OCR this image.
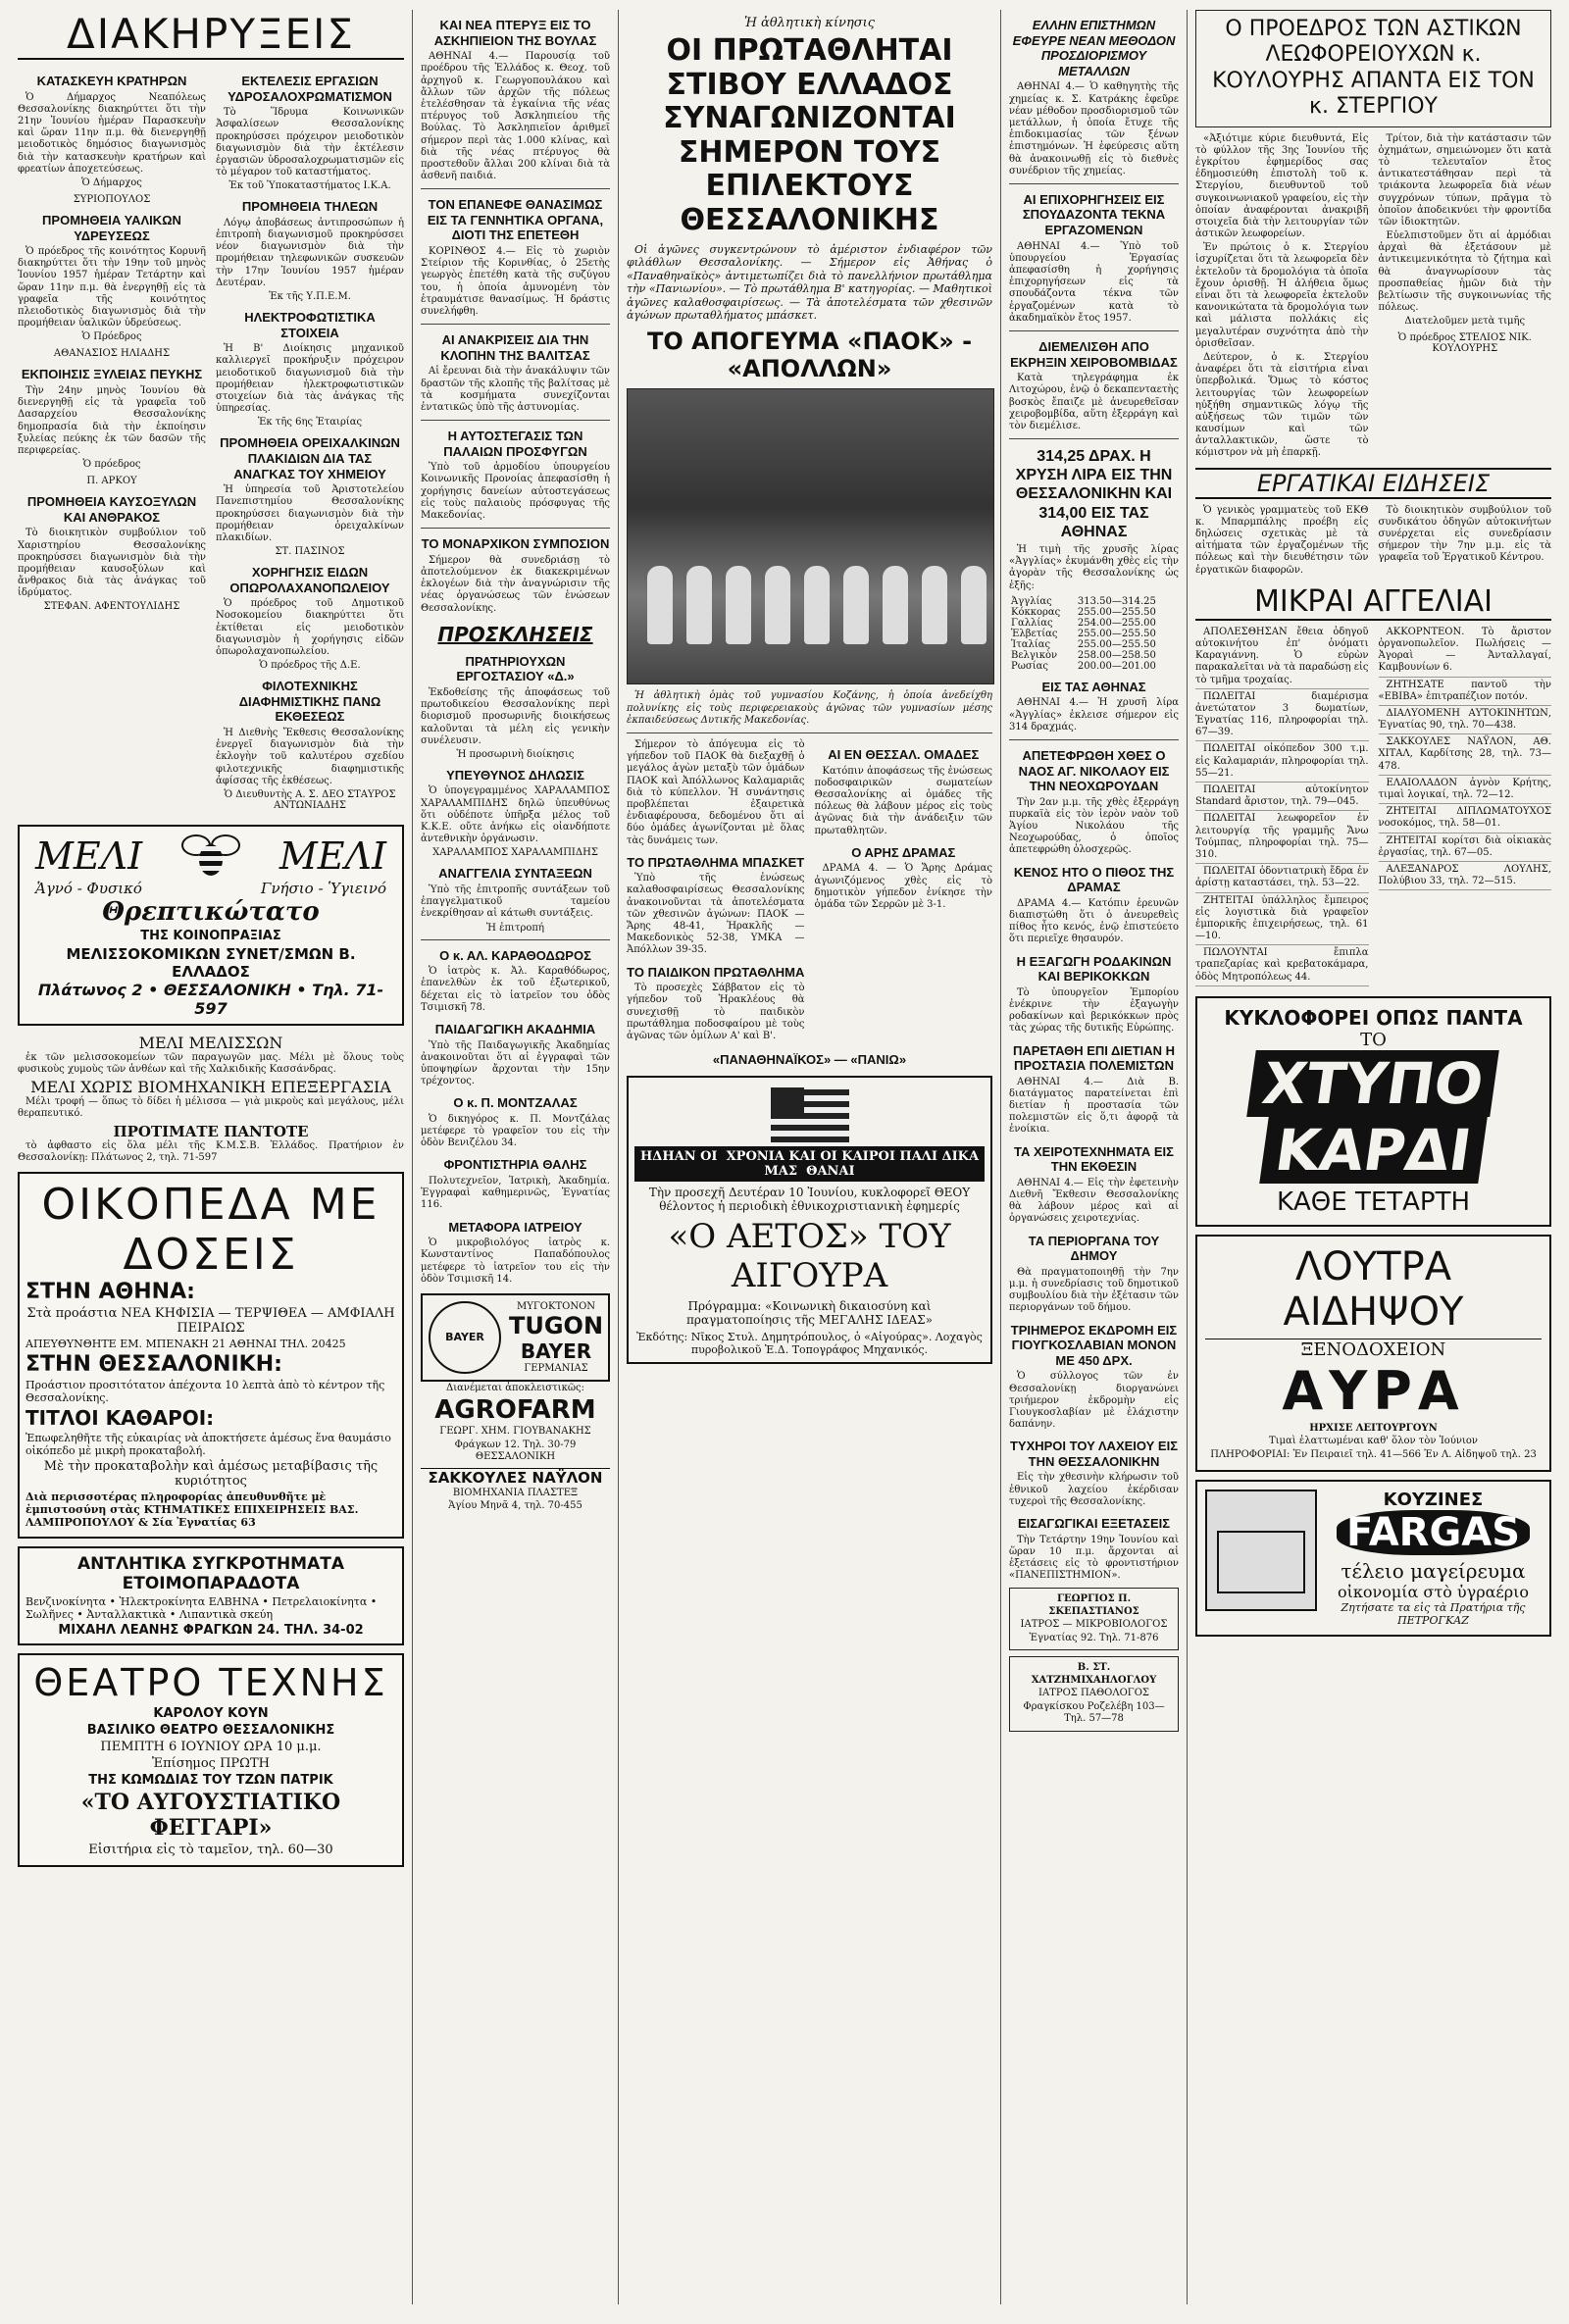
ΔΙΑΚΗΡΥΞΕΙΣ
ΚΑΤΑΣΚΕΥΗ ΚΡΑΤΗΡΩΝ

Ὁ Δήμαρχος Νεαπόλεως Θεσσαλονίκης διακηρύττει ὅτι τὴν 21ην Ἰουνίου ἡμέραν Παρασκευὴν καὶ ὥραν 11ην π.μ. θὰ διενεργηθῇ μειοδοτικὸς δημόσιος διαγωνισμὸς διὰ τὴν κατασκευὴν κρατήρων καὶ φρεατίων ἀποχετεύσεως.

Ὁ Δήμαρχος
ΣΥΡΙΟΠΟΥΛΟΣ
ΠΡΟΜΗΘΕΙΑ ΥΑΛΙΚΩΝ ΥΔΡΕΥΣΕΩΣ

Ὁ πρόεδρος τῆς κοινότητος Κορυνῆ διακηρύττει ὅτι τὴν 19ην τοῦ μηνὸς Ἰουνίου 1957 ἡμέραν Τετάρτην καὶ ὥραν 11ην π.μ. θὰ ἐνεργηθῇ εἰς τὰ γραφεῖα τῆς κοινότητος πλειοδοτικὸς διαγωνισμὸς διὰ τὴν προμήθειαν ὑαλικῶν ὑδρεύσεως.

Ὁ Πρόεδρος
ΑΘΑΝΑΣΙΟΣ ΗΛΙΑΔΗΣ
ΕΚΠΟΙΗΣΙΣ ΞΥΛΕΙΑΣ ΠΕΥΚΗΣ

Τὴν 24ην μηνὸς Ἰουνίου θὰ διενεργηθῇ εἰς τὰ γραφεῖα τοῦ Δασαρχείου Θεσσαλονίκης δημοπρασία διὰ τὴν ἐκποίησιν ξυλείας πεύκης ἐκ τῶν δασῶν τῆς περιφερείας.

Ὁ πρόεδρος
Π. ΑΡΚΟΥ
ΠΡΟΜΗΘΕΙΑ ΚΑΥΣΟΞΥΛΩΝ ΚΑΙ ΑΝΘΡΑΚΟΣ

Τὸ διοικητικὸν συμβούλιον τοῦ Χαριστηρίου Θεσσαλονίκης προκηρύσσει διαγωνισμὸν διὰ τὴν προμήθειαν καυσοξύλων καὶ ἄνθρακος διὰ τὰς ἀνάγκας τοῦ ἱδρύματος.

ΣΤΕΦΑΝ. ΑΦΕΝΤΟΥΛΙΔΗΣ
ΕΚΤΕΛΕΣΙΣ ΕΡΓΑΣΙΩΝ ΥΔΡΟΣΑΛΟΧΡΩΜΑΤΙΣΜΟΝ

Τὸ Ἵδρυμα Κοινωνικῶν Ἀσφαλίσεων Θεσσαλονίκης προκηρύσσει πρόχειρον μειοδοτικὸν διαγωνισμὸν διὰ τὴν ἐκτέλεσιν ἐργασιῶν ὑδροσαλοχρωματισμῶν εἰς τὸ μέγαρον τοῦ καταστήματος.

Ἐκ τοῦ Ὑποκαταστήματος Ι.Κ.Α.
ΠΡΟΜΗΘΕΙΑ ΤΗΛΕΩΝ

Λόγῳ ἀποβάσεως ἀντιπροσώπων ἡ ἐπιτροπὴ διαγωνισμοῦ προκηρύσσει νέον διαγωνισμὸν διὰ τὴν προμήθειαν τηλεφωνικῶν συσκευῶν τὴν 17ην Ἰουνίου 1957 ἡμέραν Δευτέραν.

Ἐκ τῆς Υ.Π.Ε.Μ.
ΗΛΕΚΤΡΟΦΩΤΙΣΤΙΚΑ ΣΤΟΙΧΕΙΑ

Ἡ Β' Διοίκησις μηχανικοῦ καλλιεργεῖ προκήρυξιν πρόχειρον μειοδοτικοῦ διαγωνισμοῦ διὰ τὴν προμήθειαν ἠλεκτροφωτιστικῶν στοιχείων διὰ τὰς ἀνάγκας τῆς ὑπηρεσίας.

Ἐκ τῆς 6ης Ἐταιρίας
ΠΡΟΜΗΘΕΙΑ ΟΡΕΙΧΑΛΚΙΝΩΝ ΠΛΑΚΙΔΙΩΝ ΔΙΑ ΤΑΣ ΑΝΑΓΚΑΣ ΤΟΥ ΧΗΜΕΙΟΥ

Ἡ ὑπηρεσία τοῦ Ἀριστοτελείου Πανεπιστημίου Θεσσαλονίκης προκηρύσσει διαγωνισμὸν διὰ τὴν προμήθειαν ὀρειχαλκίνων πλακιδίων.

ΣΤ. ΠΑΣΙΝΟΣ
ΧΟΡΗΓΗΣΙΣ ΕΙΔΩΝ ΟΠΩΡΟΛΑΧΑΝΟΠΩΛΕΙΟΥ

Ὁ πρόεδρος τοῦ Δημοτικοῦ Νοσοκομείου διακηρύττει ὅτι ἐκτίθεται εἰς μειοδοτικὸν διαγωνισμὸν ἡ χορήγησις εἰδῶν ὀπωρολαχανοπωλείου.

Ὁ πρόεδρος τῆς Δ.Ε.
ΦΙΛΟΤΕΧΝΙΚΗΣ ΔΙΑΦΗΜΙΣΤΙΚΗΣ ΠΑΝΩ ΕΚΘΕΣΕΩΣ

Ἡ Διεθνὴς Ἔκθεσις Θεσσαλονίκης ἐνεργεῖ διαγωνισμὸν διὰ τὴν ἐκλογὴν τοῦ καλυτέρου σχεδίου φιλοτεχνικῆς διαφημιστικῆς ἀφίσσας τῆς ἐκθέσεως.

Ὁ Διευθυντὴς Α. Σ. ΔΕΟ ΣΤΑΥΡΟΣ ΑΝΤΩΝΙΑΔΗΣ
ΜΕΛΙ	ΜΕΛΙ
Ἁγνό - Φυσικό	Γνήσιο - Ὑγιεινό
Θρεπτικώτατο
ΤΗΣ ΚΟΙΝΟΠΡΑΞΙΑΣ
ΜΕΛΙΣΣΟΚΟΜΙΚΩΝ ΣΥΝΕΤ/ΣΜΩΝ Β. ΕΛΛΑΔΟΣ
Πλάτωνος 2 • ΘΕΣΣΑΛΟΝΙΚΗ • Τηλ. 71-597
ΜΕΛΙ ΜΕΛΙΣΣΩΝ

ἐκ τῶν μελισσοκομείων τῶν παραγωγῶν μας. Μέλι μὲ ὅλους τοὺς φυσικοὺς χυμοὺς τῶν ἀνθέων καὶ τῆς Χαλκιδικῆς Κασσάνδρας.

ΜΕΛΙ ΧΩΡΙΣ ΒΙΟΜΗΧΑΝΙΚΗ ΕΠΕΞΕΡΓΑΣΙΑ

Μέλι τροφή — ὅπως τὸ δίδει ἡ μέλισσα — γιὰ μικροὺς καὶ μεγάλους, μέλι θεραπευτικό.

ΠΡΟΤΙΜΑΤΕ ΠΑΝΤΟΤΕ

τὸ ἀφθαστο εἰς ὅλα μέλι τῆς Κ.Μ.Σ.Β. Ἑλλάδος. Πρατήριον ἐν Θεσσαλονίκῃ: Πλάτωνος 2, τηλ. 71-597

ΟΙΚΟΠΕΔΑ ΜΕ ΔΟΣΕΙΣ
ΣΤΗΝ ΑΘΗΝΑ:
Στὰ προάστια ΝΕΑ ΚΗΦΙΣΙΑ — ΤΕΡΨΙΘΕΑ — ΑΜΦΙΑΛΗ ΠΕΙΡΑΙΩΣ
ΑΠΕΥΘΥΝΘΗΤΕ ΕΜ. ΜΠΕΝΑΚΗ 21 ΑΘΗΝΑΙ ΤΗΛ. 20425
ΣΤΗΝ ΘΕΣΣΑΛΟΝΙΚΗ:
Προάστιον προσιτότατον ἀπέχοντα 10 λεπτὰ ἀπὸ τὸ κέντρον τῆς Θεσσαλονίκης.
ΤΙΤΛΟΙ ΚΑΘΑΡΟΙ:
Ἐπωφεληθῆτε τῆς εὐκαιρίας νὰ ἀποκτήσετε ἀμέσως ἕνα θαυμάσιο οἰκόπεδο μὲ μικρὴ προκαταβολή.
Μὲ τὴν προκαταβολὴν καὶ ἀμέσως μεταβίβασις τῆς κυριότητος
Διὰ περισσοτέρας πληροφορίας ἀπευθυνθῆτε μὲ ἐμπιστοσύνη στὰς ΚΤΗΜΑΤΙΚΕΣ ΕΠΙΧΕΙΡΗΣΕΙΣ ΒΑΣ. ΛΑΜΠΡΟΠΟΥΛΟΥ & Σία Ἐγνατίας 63
ΑΝΤΛΗΤΙΚΑ ΣΥΓΚΡΟΤΗΜΑΤΑ ΕΤΟΙΜΟΠΑΡΑΔΟΤΑ
Βενζινοκίνητα • Ἠλεκτροκίνητα ΕΛΒΗΝΑ • Πετρελαιοκίνητα • Σωλῆνες • Ἀνταλλακτικὰ • Λιπαντικὰ σκεύη
ΜΙΧΑΗΛ ΛΕΑΝΗΣ ΦΡΑΓΚΩΝ 24. ΤΗΛ. 34-02
ΘΕΑΤΡΟ ΤΕΧΝΗΣ
ΚΑΡΟΛΟΥ ΚΟΥΝ
ΒΑΣΙΛΙΚΟ ΘΕΑΤΡΟ ΘΕΣΣΑΛΟΝΙΚΗΣ
ΠΕΜΠΤΗ 6 ΙΟΥΝΙΟΥ ΩΡΑ 10 μ.μ.
Ἐπίσημος ΠΡΩΤΗ
ΤΗΣ ΚΩΜΩΔΙΑΣ ΤΟΥ ΤΖΩΝ ΠΑΤΡΙΚ
«ΤΟ ΑΥΓΟΥΣΤΙΑΤΙΚΟ ΦΕΓΓΑΡΙ»
Εἰσιτήρια εἰς τὸ ταμεῖον, τηλ. 60—30
ΚΑΙ ΝΕΑ ΠΤΕΡΥΞ ΕΙΣ ΤΟ ΑΣΚΗΠΙΕΙΟΝ ΤΗΣ ΒΟΥΛΑΣ

ΑΘΗΝΑΙ 4.— Παρουσίᾳ τοῦ προέδρου τῆς Ἑλλάδος κ. Θεοχ. τοῦ ἀρχηγοῦ κ. Γεωργοπουλάκου καὶ ἄλλων τῶν ἀρχῶν τῆς πόλεως ἐτελέσθησαν τὰ ἐγκαίνια τῆς νέας πτέρυγος τοῦ Ἀσκληπιείου τῆς Βούλας. Τὸ Ἀσκληπιεῖον ἀριθμεῖ σήμερον περὶ τὰς 1.000 κλίνας, καὶ διὰ τῆς νέας πτέρυγος θὰ προστεθοῦν ἄλλαι 200 κλίναι διὰ τὰ ἀσθενῆ παιδιά.

ΤΟΝ ΕΠΑΝΕΦΕ ΘΑΝΑΣΙΜΩΣ ΕΙΣ ΤΑ ΓΕΝΝΗΤΙΚΑ ΟΡΓΑΝΑ, ΔΙΟΤΙ ΤΗΣ ΕΠΕΤΕΘΗ

ΚΟΡΙΝΘΟΣ 4.— Εἰς τὸ χωριὸν Στείριον τῆς Κορινθίας, ὁ 25ετὴς γεωργὸς ἐπετέθη κατὰ τῆς συζύγου του, ἡ ὁποία ἀμυνομένη τὸν ἐτραυμάτισε θανασίμως. Ἡ δράστις συνελήφθη.

ΑΙ ΑΝΑΚΡΙΣΕΙΣ ΔΙΑ ΤΗΝ ΚΛΟΠΗΝ ΤΗΣ ΒΑΛΙΤΣΑΣ

Αἱ ἔρευναι διὰ τὴν ἀνακάλυψιν τῶν δραστῶν τῆς κλοπῆς τῆς βαλίτσας μὲ τὰ κοσμήματα συνεχίζονται ἐντατικῶς ὑπὸ τῆς ἀστυνομίας.

Η ΑΥΤΟΣΤΕΓΑΣΙΣ ΤΩΝ ΠΑΛΑΙΩΝ ΠΡΟΣΦΥΓΩΝ

Ὑπὸ τοῦ ἁρμοδίου ὑπουργείου Κοινωνικῆς Προνοίας ἀπεφασίσθη ἡ χορήγησις δανείων αὐτοστεγάσεως εἰς τοὺς παλαιοὺς πρόσφυγας τῆς Μακεδονίας.

ΤΟ ΜΟΝΑΡΧΙΚΟΝ ΣΥΜΠΟΣΙΟΝ

Σήμερον θὰ συνεδριάσῃ τὸ ἀποτελούμενον ἐκ διακεκριμένων ἐκλογέων διὰ τὴν ἀναγνώρισιν τῆς νέας ὀργανώσεως τῶν ἑνώσεων Θεσσαλονίκης.

ΠΡΟΣΚΛΗΣΕΙΣ
ΠΡΑΤΗΡΙΟΥΧΩΝ ΕΡΓΟΣΤΑΣΙΟΥ «Δ.»

Ἐκδοθείσης τῆς ἀποφάσεως τοῦ πρωτοδικείου Θεσσαλονίκης περὶ διορισμοῦ προσωρινῆς διοικήσεως καλοῦνται τὰ μέλη εἰς γενικὴν συνέλευσιν.

Ἡ προσωρινὴ διοίκησις
ΥΠΕΥΘΥΝΟΣ ΔΗΛΩΣΙΣ

Ὁ ὑπογεγραμμένος ΧΑΡΑΛΑΜΠΟΣ ΧΑΡΑΛΑΜΠΙΔΗΣ δηλῶ ὑπευθύνως ὅτι οὐδέποτε ὑπῆρξα μέλος τοῦ Κ.Κ.Ε. οὔτε ἀνήκω εἰς οἱανδήποτε ἀντεθνικὴν ὀργάνωσιν.

ΧΑΡΑΛΑΜΠΟΣ ΧΑΡΑΛΑΜΠΙΔΗΣ
ΑΝΑΓΓΕΛΙΑ ΣΥΝΤΑΞΕΩΝ

Ὑπὸ τῆς ἐπιτροπῆς συντάξεων τοῦ ἐπαγγελματικοῦ ταμείου ἐνεκρίθησαν αἱ κάτωθι συντάξεις.

Ἡ ἐπιτροπή
Ο κ. ΑΛ. ΚΑΡΑΘΟΔΩΡΟΣ

Ὁ ἰατρὸς κ. Ἀλ. Καραθόδωρος, ἐπανελθὼν ἐκ τοῦ ἐξωτερικοῦ, δέχεται εἰς τὸ ἰατρεῖον του ὁδὸς Τσιμισκῆ 78.

ΠΑΙΔΑΓΩΓΙΚΗ ΑΚΑΔΗΜΙΑ

Ὑπὸ τῆς Παιδαγωγικῆς Ἀκαδημίας ἀνακοινοῦται ὅτι αἱ ἐγγραφαὶ τῶν ὑποψηφίων ἄρχονται τὴν 15ην τρέχοντος.

Ο κ. Π. ΜΟΝΤΖΑΛΑΣ

Ὁ δικηγόρος κ. Π. Μοντζάλας μετέφερε τὸ γραφεῖον του εἰς τὴν ὁδὸν Βενιζέλου 34.

ΦΡΟΝΤΙΣΤΗΡΙΑ ΘΑΛΗΣ

Πολυτεχνεῖον, Ἰατρικὴ, Ἀκαδημία. Ἐγγραφαὶ καθημερινῶς, Ἐγνατίας 116.

ΜΕΤΑΦΟΡΑ ΙΑΤΡΕΙΟΥ

Ὁ μικροβιολόγος ἰατρὸς κ. Κωνσταντίνος Παπαδόπουλος μετέφερε τὸ ἰατρεῖον του εἰς τὴν ὁδὸν Τσιμισκῆ 14.

BAYER
ΜΥΓΟΚΤΟΝΟΝ
TUGON
BAYER
ΓΕΡΜΑΝΙΑΣ
Διανέμεται ἀποκλειστικῶς:
AGROFARM
ΓΕΩΡΓ. ΧΗΜ. ΓΙΟΥΒΑΝΑΚΗΣ
Φράγκων 12. Τηλ. 30-79 ΘΕΣΣΑΛΟΝΙΚΗ
ΣΑΚΚΟΥΛΕΣ ΝΑΫΛΟΝ
ΒΙΟΜΗΧΑΝΙΑ ΠΛΑΣΤΕΞ
Ἁγίου Μηνᾶ 4, τηλ. 70-455
Ἡ ἀθλητικὴ κίνησις
ΟΙ ΠΡΩΤΑΘΛΗΤΑΙ ΣΤΙΒΟΥ ΕΛΛΑΔΟΣ ΣΥΝΑΓΩΝΙΖΟΝΤΑΙ ΣΗΜΕΡΟΝ ΤΟΥΣ ΕΠΙΛΕΚΤΟΥΣ ΘΕΣΣΑΛΟΝΙΚΗΣ

Οἱ ἀγῶνες συγκεντρώνουν τὸ ἀμέριστον ἐνδιαφέρον τῶν φιλάθλων Θεσσαλονίκης. — Σήμερον εἰς Ἀθήνας ὁ «Παναθηναϊκὸς» ἀντιμετωπίζει διὰ τὸ πανελλήνιον πρωτάθλημα τὴν «Πανιωνίου». — Τὸ πρωτάθλημα Β' κατηγορίας. — Μαθητικοὶ ἀγῶνες καλαθοσφαιρίσεως. — Τὰ ἀποτελέσματα τῶν χθεσινῶν ἀγώνων πρωταθλήματος μπάσκετ.

ΤΟ ΑΠΟΓΕΥΜΑ «ΠΑΟΚ» - «ΑΠΟΛΛΩΝ»

Ἡ ἀθλητικὴ ὁμὰς τοῦ γυμνασίου Κοζάνης, ἡ ὁποία ἀνεδείχθη πολυνίκης εἰς τοὺς περιφερειακοὺς ἀγῶνας τῶν γυμνασίων μέσης ἐκπαιδεύσεως Δυτικῆς Μακεδονίας.

Σήμερον τὸ ἀπόγευμα εἰς τὸ γήπεδον τοῦ ΠΑΟΚ θὰ διεξαχθῇ ὁ μεγάλος ἀγὼν μεταξὺ τῶν ὁμάδων ΠΑΟΚ καὶ Ἀπόλλωνος Καλαμαριᾶς διὰ τὸ κύπελλον. Ἡ συνάντησις προβλέπεται ἐξαιρετικὰ ἐνδιαφέρουσα, δεδομένου ὅτι αἱ δύο ὁμάδες ἀγωνίζονται μὲ ὅλας τὰς δυνάμεις των.

ΤΟ ΠΡΩΤΑΘΛΗΜΑ ΜΠΑΣΚΕΤ

Ὑπὸ τῆς ἐνώσεως καλαθοσφαιρίσεως Θεσσαλονίκης ἀνακοινοῦνται τὰ ἀποτελέσματα τῶν χθεσινῶν ἀγώνων: ΠΑΟΚ — Ἄρης 48-41, Ἡρακλῆς — Μακεδονικὸς 52-38, ΥΜΚΑ — Ἀπόλλων 39-35.

ΤΟ ΠΑΙΔΙΚΟΝ ΠΡΩΤΑΘΛΗΜΑ

Τὸ προσεχὲς Σάββατον εἰς τὸ γήπεδον τοῦ Ἡρακλέους θὰ συνεχισθῇ τὸ παιδικὸν πρωτάθλημα ποδοσφαίρου μὲ τοὺς ἀγῶνας τῶν ὁμίλων Α' καὶ Β'.

ΑΙ ΕΝ ΘΕΣΣΑΛ. ΟΜΑΔΕΣ

Κατόπιν ἀποφάσεως τῆς ἐνώσεως ποδοσφαιρικῶν σωματείων Θεσσαλονίκης αἱ ὁμάδες τῆς πόλεως θὰ λάβουν μέρος εἰς τοὺς ἀγῶνας διὰ τὴν ἀνάδειξιν τῶν πρωταθλητῶν.

Ο ΑΡΗΣ ΔΡΑΜΑΣ

ΔΡΑΜΑ 4. — Ὁ Ἄρης Δράμας ἀγωνιζόμενος χθὲς εἰς τὸ δημοτικὸν γήπεδον ἐνίκησε τὴν ὁμάδα τῶν Σερρῶν μὲ 3-1.

«ΠΑΝΑΘΗΝΑΪΚΟΣ» — «ΠΑΝΙΩ»
ΗΔΗΑΝ ΟΙ ΧΡΟΝΙΑ ΚΑΙ ΟΙ ΚΑΙΡΟΙ ΠΑΛΙ ΔΙΚΑ ΜΑΣ ΘΑΝΑΙ
Τὴν προσεχῆ Δευτέραν 10 Ἰουνίου, κυκλοφορεῖ ΘΕΟΥ θέλοντος ἡ περιοδικὴ ἐθνικοχριστιανικὴ ἐφημερίς
«Ο ΑΕΤΟΣ» ΤΟΥ ΑΙΓΟΥΡΑ
Πρόγραμμα: «Κοινωνικὴ δικαιοσύνη καὶ πραγματοποίησις τῆς ΜΕΓΑΛΗΣ ΙΔΕΑΣ»
Ἐκδότης: Νῖκος Στυλ. Δημητρόπουλος, ὁ «Αἰγούρας». Λοχαγὸς πυροβολικοῦ Ἐ.Δ. Τοπογράφος Μηχανικός.
ΕΛΛΗΝ ΕΠΙΣΤΗΜΩΝ ΕΦΕΥΡΕ ΝΕΑΝ ΜΕΘΟΔΟΝ ΠΡΟΣΔΙΟΡΙΣΜΟΥ ΜΕΤΑΛΛΩΝ

ΑΘΗΝΑΙ 4.— Ὁ καθηγητὴς τῆς χημείας κ. Σ. Κατράκης ἐφεῦρε νέαν μέθοδον προσδιορισμοῦ τῶν μετάλλων, ἡ ὁποία ἔτυχε τῆς ἐπιδοκιμασίας τῶν ξένων ἐπιστημόνων. Ἡ ἐφεύρεσις αὕτη θὰ ἀνακοινωθῇ εἰς τὸ διεθνὲς συνέδριον τῆς χημείας.

ΑΙ ΕΠΙΧΟΡΗΓΗΣΕΙΣ ΕΙΣ ΣΠΟΥΔΑΖΟΝΤΑ ΤΕΚΝΑ ΕΡΓΑΖΟΜΕΝΩΝ

ΑΘΗΝΑΙ 4.— Ὑπὸ τοῦ ὑπουργείου Ἐργασίας ἀπεφασίσθη ἡ χορήγησις ἐπιχορηγήσεων εἰς τὰ σπουδάζοντα τέκνα τῶν ἐργαζομένων κατὰ τὸ ἀκαδημαϊκὸν ἔτος 1957.

ΔΙΕΜΕΛΙΣΘΗ ΑΠΟ ΕΚΡΗΞΙΝ ΧΕΙΡΟΒΟΜΒΙΔΑΣ

Κατὰ τηλεγράφημα ἐκ Λιτοχώρου, ἐνῷ ὁ δεκαπενταετὴς βοσκὸς ἔπαιζε μὲ ἀνευρεθεῖσαν χειροβομβίδα, αὕτη ἐξερράγη καὶ τὸν διεμέλισε.

314,25 ΔΡΑΧ. Η ΧΡΥΣΗ ΛΙΡΑ ΕΙΣ ΤΗΝ ΘΕΣΣΑΛΟΝΙΚΗΝ ΚΑΙ 314,00 ΕΙΣ ΤΑΣ ΑΘΗΝΑΣ

Ἡ τιμὴ τῆς χρυσῆς λίρας «Ἀγγλίας» ἐκυμάνθη χθὲς εἰς τὴν ἀγορὰν τῆς Θεσσαλονίκης ὡς ἑξῆς:

Ἀγγλίας	313.50—314.25
Κόκκορας	255.00—255.50
Γαλλίας	254.00—255.00
Ἑλβετίας	255.00—255.50
Ἰταλίας	255.00—255.50
Βελγικὸν	258.00—258.50
Ρωσίας	200.00—201.00
ΕΙΣ ΤΑΣ ΑΘΗΝΑΣ

ΑΘΗΝΑΙ 4.— Ἡ χρυσῆ λίρα «Ἀγγλίας» ἐκλεισε σήμερον εἰς 314 δραχμάς.

ΑΠΕΤΕΦΡΩΘΗ ΧΘΕΣ Ο ΝΑΟΣ ΑΓ. ΝΙΚΟΛΑΟΥ ΕΙΣ ΤΗΝ ΝΕΟΧΩΡΟΥΔΑΝ

Τὴν 2αν μ.μ. τῆς χθὲς ἐξερράγη πυρκαϊὰ εἰς τὸν ἱερὸν ναὸν τοῦ Ἁγίου Νικολάου τῆς Νεοχωρούδας, ὁ ὁποῖος ἀπετεφρώθη ὁλοσχερῶς.

ΚΕΝΟΣ ΗΤΟ Ο ΠΙΘΟΣ ΤΗΣ ΔΡΑΜΑΣ

ΔΡΑΜΑ 4.— Κατόπιν ἐρευνῶν διαπιστώθη ὅτι ὁ ἀνευρεθεὶς πίθος ἦτο κενός, ἐνῷ ἐπιστεύετο ὅτι περιεῖχε θησαυρόν.

Η ΕΞΑΓΩΓΗ ΡΟΔΑΚΙΝΩΝ ΚΑΙ ΒΕΡΙΚΟΚΚΩΝ

Τὸ ὑπουργεῖον Ἐμπορίου ἐνέκρινε τὴν ἐξαγωγὴν ροδακίνων καὶ βερικόκκων πρὸς τὰς χώρας τῆς δυτικῆς Εὐρώπης.

ΠΑΡΕΤΑΘΗ ΕΠΙ ΔΙΕΤΙΑΝ Η ΠΡΟΣΤΑΣΙΑ ΠΟΛΕΜΙΣΤΩΝ

ΑΘΗΝΑΙ 4.— Διὰ Β. διατάγματος παρατείνεται ἐπὶ διετίαν ἡ προστασία τῶν πολεμιστῶν εἰς ὅ,τι ἀφορᾷ τὰ ἐνοίκια.

ΤΑ ΧΕΙΡΟΤΕΧΝΗΜΑΤΑ ΕΙΣ ΤΗΝ ΕΚΘΕΣΙΝ

ΑΘΗΝΑΙ 4.— Εἰς τὴν ἐφετεινὴν Διεθνῆ Ἔκθεσιν Θεσσαλονίκης θὰ λάβουν μέρος καὶ αἱ ὀργανώσεις χειροτεχνίας.

ΤΑ ΠΕΡΙΟΡΓΑΝΑ ΤΟΥ ΔΗΜΟΥ

Θὰ πραγματοποιηθῇ τὴν 7ην μ.μ. ἡ συνεδρίασις τοῦ δημοτικοῦ συμβουλίου διὰ τὴν ἐξέτασιν τῶν περιοργάνων τοῦ δήμου.

ΤΡΙΗΜΕΡΟΣ ΕΚΔΡΟΜΗ ΕΙΣ ΓΙΟΥΓΚΟΣΛΑΒΙΑΝ ΜΟΝΟΝ ΜΕ 450 ΔΡΧ.

Ὁ σύλλογος τῶν ἐν Θεσσαλονίκῃ διοργανώνει τριήμερον ἐκδρομὴν εἰς Γιουγκοσλαβίαν μὲ ἐλάχιστην δαπάνην.

ΤΥΧΗΡΟΙ ΤΟΥ ΛΑΧΕΙΟΥ ΕΙΣ ΤΗΝ ΘΕΣΣΑΛΟΝΙΚΗΝ

Εἰς τὴν χθεσινὴν κλήρωσιν τοῦ ἐθνικοῦ λαχείου ἐκέρδισαν τυχεροὶ τῆς Θεσσαλονίκης.

ΕΙΣΑΓΩΓΙΚΑΙ ΕΞΕΤΑΣΕΙΣ

Τὴν Τετάρτην 19ην Ἰουνίου καὶ ὥραν 10 π.μ. ἄρχονται αἱ ἐξετάσεις εἰς τὸ φροντιστήριον «ΠΑΝΕΠΙΣΤΗΜΙΟΝ».

ΓΕΩΡΓΙΟΣ Π. ΣΚΕΠΑΣΤΙΑΝΟΣ
ΙΑΤΡΟΣ — ΜΙΚΡΟΒΙΟΛΟΓΟΣ
Ἐγνατίας 92. Τηλ. 71-876
Β. ΣΤ. ΧΑΤΖΗΜΙΧΑΗΛΟΓΛΟΥ
ΙΑΤΡΟΣ ΠΑΘΟΛΟΓΟΣ
Φραγκίσκου Ροζελέβη 103—Τηλ. 57—78
Ο ΠΡΟΕΔΡΟΣ ΤΩΝ ΑΣΤΙΚΩΝ ΛΕΩΦΟΡΕΙΟΥΧΩΝ κ. ΚΟΥΛΟΥΡΗΣ ΑΠΑΝΤΑ ΕΙΣ ΤΟΝ κ. ΣΤΕΡΓΙΟΥ

«Ἀξιότιμε κύριε διευθυντά, Εἰς τὸ φύλλον τῆς 3ης Ἰουνίου τῆς ἐγκρίτου ἐφημερίδος σας ἐδημοσιεύθη ἐπιστολὴ τοῦ κ. Στεργίου, διευθυντοῦ τοῦ συγκοινωνιακοῦ γραφείου, εἰς τὴν ὁποίαν ἀναφέρονται ἀνακριβῆ στοιχεῖα διὰ τὴν λειτουργίαν τῶν ἀστικῶν λεωφορείων.

Ἐν πρώτοις ὁ κ. Στεργίου ἰσχυρίζεται ὅτι τὰ λεωφορεῖα δὲν ἐκτελοῦν τὰ δρομολόγια τὰ ὁποῖα ἔχουν ὁρισθῇ. Ἡ ἀλήθεια ὅμως εἶναι ὅτι τὰ λεωφορεῖα ἐκτελοῦν κανονικώτατα τὰ δρομολόγια των καὶ μάλιστα πολλάκις εἰς μεγαλυτέραν συχνότητα ἀπὸ τὴν ὁρισθεῖσαν.

Δεύτερον, ὁ κ. Στεργίου ἀναφέρει ὅτι τὰ εἰσιτήρια εἶναι ὑπερβολικά. Ὅμως τὸ κόστος λειτουργίας τῶν λεωφορείων ηὐξήθη σημαντικῶς λόγῳ τῆς αὐξήσεως τῶν τιμῶν τῶν καυσίμων καὶ τῶν ἀνταλλακτικῶν, ὥστε τὸ κόμιστρον νὰ μὴ ἐπαρκῇ.

Τρίτον, διὰ τὴν κατάστασιν τῶν ὀχημάτων, σημειώνομεν ὅτι κατὰ τὸ τελευταῖον ἔτος ἀντικατεστάθησαν περὶ τὰ τριάκοντα λεωφορεῖα διὰ νέων συγχρόνων τύπων, πρᾶγμα τὸ ὁποῖον ἀποδεικνύει τὴν φροντίδα τῶν ἰδιοκτητῶν.

Εὐελπιστοῦμεν ὅτι αἱ ἁρμόδιαι ἀρχαὶ θὰ ἐξετάσουν μὲ ἀντικειμενικότητα τὸ ζήτημα καὶ θὰ ἀναγνωρίσουν τὰς προσπαθείας ἡμῶν διὰ τὴν βελτίωσιν τῆς συγκοινωνίας τῆς πόλεως.

Διατελοῦμεν μετὰ τιμῆς
Ὁ πρόεδρος ΣΤΕΛΙΟΣ ΝΙΚ. ΚΟΥΛΟΥΡΗΣ
ΕΡΓΑΤΙΚΑΙ ΕΙΔΗΣΕΙΣ

Ὁ γενικὸς γραμματεὺς τοῦ ΕΚΘ κ. Μπαρμπάλης προέβη εἰς δηλώσεις σχετικὰς μὲ τὰ αἰτήματα τῶν ἐργαζομένων τῆς πόλεως καὶ τὴν διευθέτησιν τῶν ἐργατικῶν διαφορῶν.

Τὸ διοικητικὸν συμβούλιον τοῦ συνδικάτου ὁδηγῶν αὐτοκινήτων συνέρχεται εἰς συνεδρίασιν σήμερον τὴν 7ην μ.μ. εἰς τὰ γραφεῖα τοῦ Ἐργατικοῦ Κέντρου.

ΜΙΚΡΑΙ ΑΓΓΕΛΙΑΙ

ΑΠΟΛΕΣΘΗΣΑΝ ἔθεια ὁδηγοῦ αὐτοκινήτου ἐπ' ὀνόματι Καραγιάννη. Ὁ εὑρὼν παρακαλεῖται νὰ τὰ παραδώσῃ εἰς τὸ τμῆμα τροχαίας.

ΠΩΛΕΙΤΑΙ διαμέρισμα ἀνετώτατον 3 δωματίων, Ἐγνατίας 116, πληροφορίαι τηλ. 67—39.

ΠΩΛΕΙΤΑΙ οἰκόπεδον 300 τ.μ. εἰς Καλαμαριάν, πληροφορίαι τηλ. 55—21.

ΠΩΛΕΙΤΑΙ αὐτοκίνητον Standard ἄριστον, τηλ. 79—045.

ΠΩΛΕΙΤΑΙ λεωφορεῖον ἐν λειτουργίᾳ τῆς γραμμῆς Ἄνω Τούμπας, πληροφορίαι τηλ. 75—310.

ΠΩΛΕΙΤΑΙ ὁδοντιατρικὴ ἔδρα ἐν ἀρίστῃ καταστάσει, τηλ. 53—22.

ΖΗΤΕΙΤΑΙ ὑπάλληλος ἔμπειρος εἰς λογιστικὰ διὰ γραφεῖον ἐμπορικῆς ἐπιχειρήσεως, τηλ. 61—10.

ΠΩΛΟΥΝΤΑΙ ἔπιπλα τραπεζαρίας καὶ κρεβατοκάμαρα, ὁδὸς Μητροπόλεως 44.

ΑΚΚΟΡΝΤΕΟΝ. Τὸ ἄριστον ὀργανοπωλεῖον. Πωλήσεις — Ἀγοραὶ — Ἀνταλλαγαί, Καμβουνίων 6.

ΖΗΤΗΣΑΤΕ παντοῦ τὴν «ΕΒΙΒΑ» ἐπιτραπέζιον ποτόν.

ΔΙΑΛΥΟΜΕΝΗ ΑΥΤΟΚΙΝΗΤΩΝ, Ἐγνατίας 90, τηλ. 70—438.

ΣΑΚΚΟΥΛΕΣ ΝΑΫΛΟΝ, ΑΘ. ΧΙΤΑΛ, Καρδίτσης 28, τηλ. 73—478.

ΕΛΑΙΟΛΑΔΟΝ ἀγνὸν Κρήτης, τιμαὶ λογικαί, τηλ. 72—12.

ΖΗΤΕΙΤΑΙ ΔΙΠΛΩΜΑΤΟΥΧΟΣ νοσοκόμος, τηλ. 58—01.

ΖΗΤΕΙΤΑΙ κορίτσι διὰ οἰκιακὰς ἐργασίας, τηλ. 67—05.

ΑΛΕΞΑΝΔΡΟΣ ΛΟΥΛΗΣ, Πολύβιου 33, τηλ. 72—515.

ΚΥΚΛΟΦΟΡΕΙ ΟΠΩΣ ΠΑΝΤΑ
ΤΟ
ΧΤΥΠΟ
ΚΑΡΔΙ
ΚΑΘΕ ΤΕΤΑΡΤΗ
ΛΟΥΤΡΑ ΑΙΔΗΨΟΥ
ΞΕΝΟΔΟΧΕΙΟΝ
ΑΥΡΑ
ΗΡΧΙΣΕ ΛΕΙΤΟΥΡΓΟΥΝ
Τιμαὶ ἐλαττωμέναι καθ' ὅλον τὸν Ἰούνιον
ΠΛΗΡΟΦΟΡΙΑΙ: Ἐν Πειραιεῖ τηλ. 41—566 Ἐν Λ. Αἰδηψοῦ τηλ. 23
ΚΟΥΖΙΝΕΣ
FARGAS
τέλειο μαγείρευμα
οἰκονομία στὸ ὑγραέριο
Ζητήσατε τα εἰς τὰ Πρατήρια τῆς ΠΕΤΡΟΓΚΑΖ
